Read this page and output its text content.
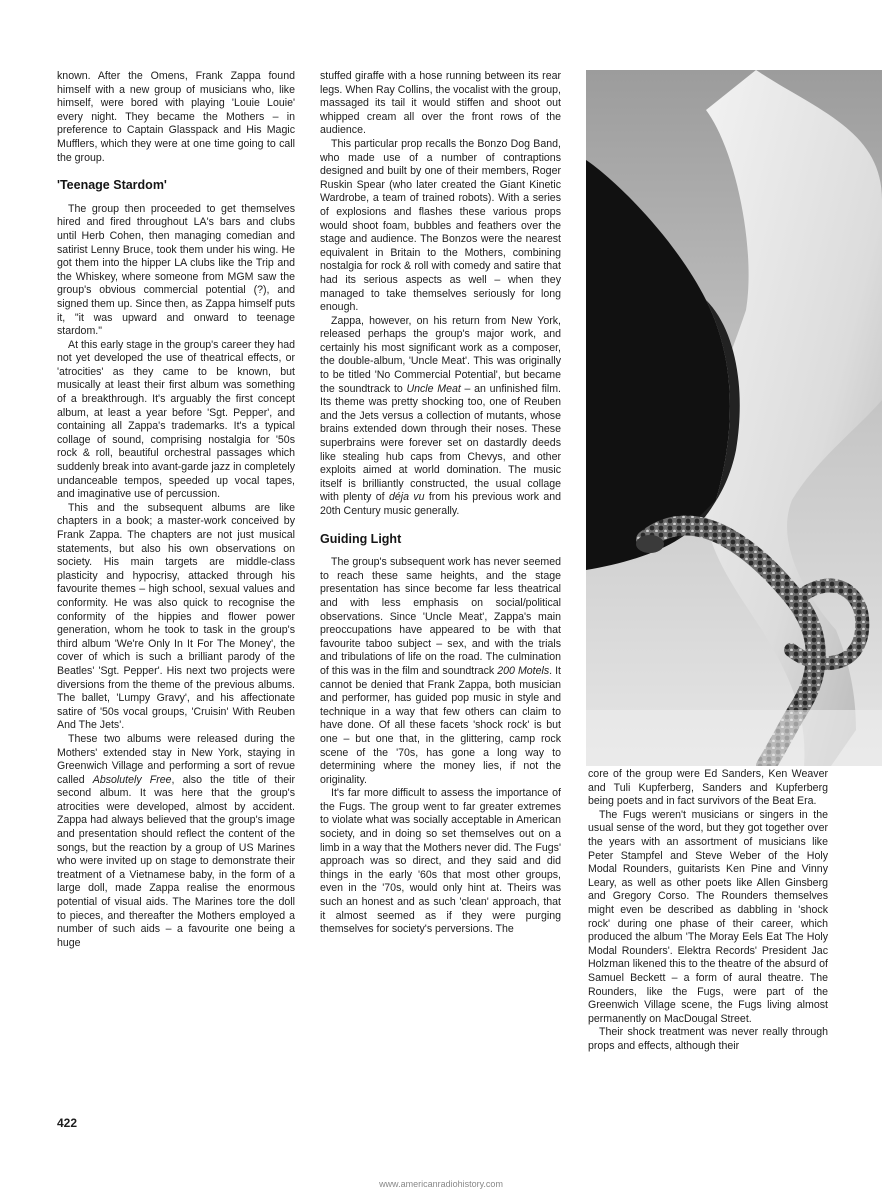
known. After the Omens, Frank Zappa found himself with a new group of musicians who, like himself, were bored with playing 'Louie Louie' every night. They became the Mothers – in preference to Captain Glasspack and His Magic Mufflers, which they were at one time going to call the group.

'Teenage Stardom'

The group then proceeded to get themselves hired and fired throughout LA's bars and clubs until Herb Cohen, then managing comedian and satirist Lenny Bruce, took them under his wing. He got them into the hipper LA clubs like the Trip and the Whiskey, where someone from MGM saw the group's obvious commercial potential (?), and signed them up. Since then, as Zappa himself puts it, "it was upward and onward to teenage stardom."

At this early stage in the group's career they had not yet developed the use of theatrical effects, or 'atrocities' as they came to be known, but musically at least their first album was something of a breakthrough. It's arguably the first concept album, at least a year before 'Sgt. Pepper', and containing all Zappa's trademarks. It's a typical collage of sound, comprising nostalgia for '50s rock & roll, beautiful orchestral passages which suddenly break into avant-garde jazz in completely undanceable tempos, speeded up vocal tapes, and imaginative use of percussion.

This and the subsequent albums are like chapters in a book; a master-work conceived by Frank Zappa. The chapters are not just musical statements, but also his own observations on society. His main targets are middle-class plasticity and hypocrisy, attacked through his favourite themes – high school, sexual values and conformity. He was also quick to recognise the conformity of the hippies and flower power generation, whom he took to task in the group's third album 'We're Only In It For The Money', the cover of which is such a brilliant parody of the Beatles' 'Sgt. Pepper'. His next two projects were diversions from the theme of the previous albums. The ballet, 'Lumpy Gravy', and his affectionate satire of '50s vocal groups, 'Cruisin' With Reuben And The Jets'.

These two albums were released during the Mothers' extended stay in New York, staying in Greenwich Village and performing a sort of revue called Absolutely Free, also the title of their second album. It was here that the group's atrocities were developed, almost by accident. Zappa had always believed that the group's image and presentation should reflect the content of the songs, but the reaction by a group of US Marines who were invited up on stage to demonstrate their treatment of a Vietnamese baby, in the form of a large doll, made Zappa realise the enormous potential of visual aids. The Marines tore the doll to pieces, and thereafter the Mothers employed a number of such aids – a favourite one being a huge

stuffed giraffe with a hose running between its rear legs. When Ray Collins, the vocalist with the group, massaged its tail it would stiffen and shoot out whipped cream all over the front rows of the audience.

This particular prop recalls the Bonzo Dog Band, who made use of a number of contraptions designed and built by one of their members, Roger Ruskin Spear (who later created the Giant Kinetic Wardrobe, a team of trained robots). With a series of explosions and flashes these various props would shoot foam, bubbles and feathers over the stage and audience. The Bonzos were the nearest equivalent in Britain to the Mothers, combining nostalgia for rock & roll with comedy and satire that had its serious aspects as well – when they managed to take themselves seriously for long enough.

Zappa, however, on his return from New York, released perhaps the group's major work, and certainly his most significant work as a composer, the double-album, 'Uncle Meat'. This was originally to be titled 'No Commercial Potential', but became the soundtrack to Uncle Meat – an unfinished film. Its theme was pretty shocking too, one of Reuben and the Jets versus a collection of mutants, whose brains extended down through their noses. These superbrains were forever set on dastardly deeds like stealing hub caps from Chevys, and other exploits aimed at world domination. The music itself is brilliantly constructed, the usual collage with plenty of déja vu from his previous work and 20th Century music generally.

Guiding Light

The group's subsequent work has never seemed to reach these same heights, and the stage presentation has since become far less theatrical and with less emphasis on social/political observations. Since 'Uncle Meat', Zappa's main preoccupations have appeared to be with that favourite taboo subject – sex, and with the trials and tribulations of life on the road. The culmination of this was in the film and soundtrack 200 Motels. It cannot be denied that Frank Zappa, both musician and performer, has guided pop music in style and technique in a way that few others can claim to have done. Of all these facets 'shock rock' is but one – but one that, in the glittering, camp rock scene of the '70s, has gone a long way to determining where the money lies, if not the originality.

It's far more difficult to assess the importance of the Fugs. The group went to far greater extremes to violate what was socially acceptable in American society, and in doing so set themselves out on a limb in a way that the Mothers never did. The Fugs' approach was so direct, and they said and did things in the early '60s that most other groups, even in the '70s, would only hint at. Theirs was such an honest and as such 'clean' approach, that it almost seemed as if they were purging themselves for society's perversions. The

core of the group were Ed Sanders, Ken Weaver and Tuli Kupferberg, Sanders and Kupferberg being poets and in fact survivors of the Beat Era.

The Fugs weren't musicians or singers in the usual sense of the word, but they got together over the years with an assortment of musicians like Peter Stampfel and Steve Weber of the Holy Modal Rounders, guitarists Ken Pine and Vinny Leary, as well as other poets like Allen Ginsberg and Gregory Corso. The Rounders themselves might even be described as dabbling in 'shock rock' during one phase of their career, which produced the album 'The Moray Eels Eat The Holy Modal Rounders'. Elektra Records' President Jac Holzman likened this to the theatre of the absurd of Samuel Beckett – a form of aural theatre. The Rounders, like the Fugs, were part of the Greenwich Village scene, the Fugs living almost permanently on MacDougal Street.

Their shock treatment was never really through props and effects, although their

422
www.americanradiohistory.com
